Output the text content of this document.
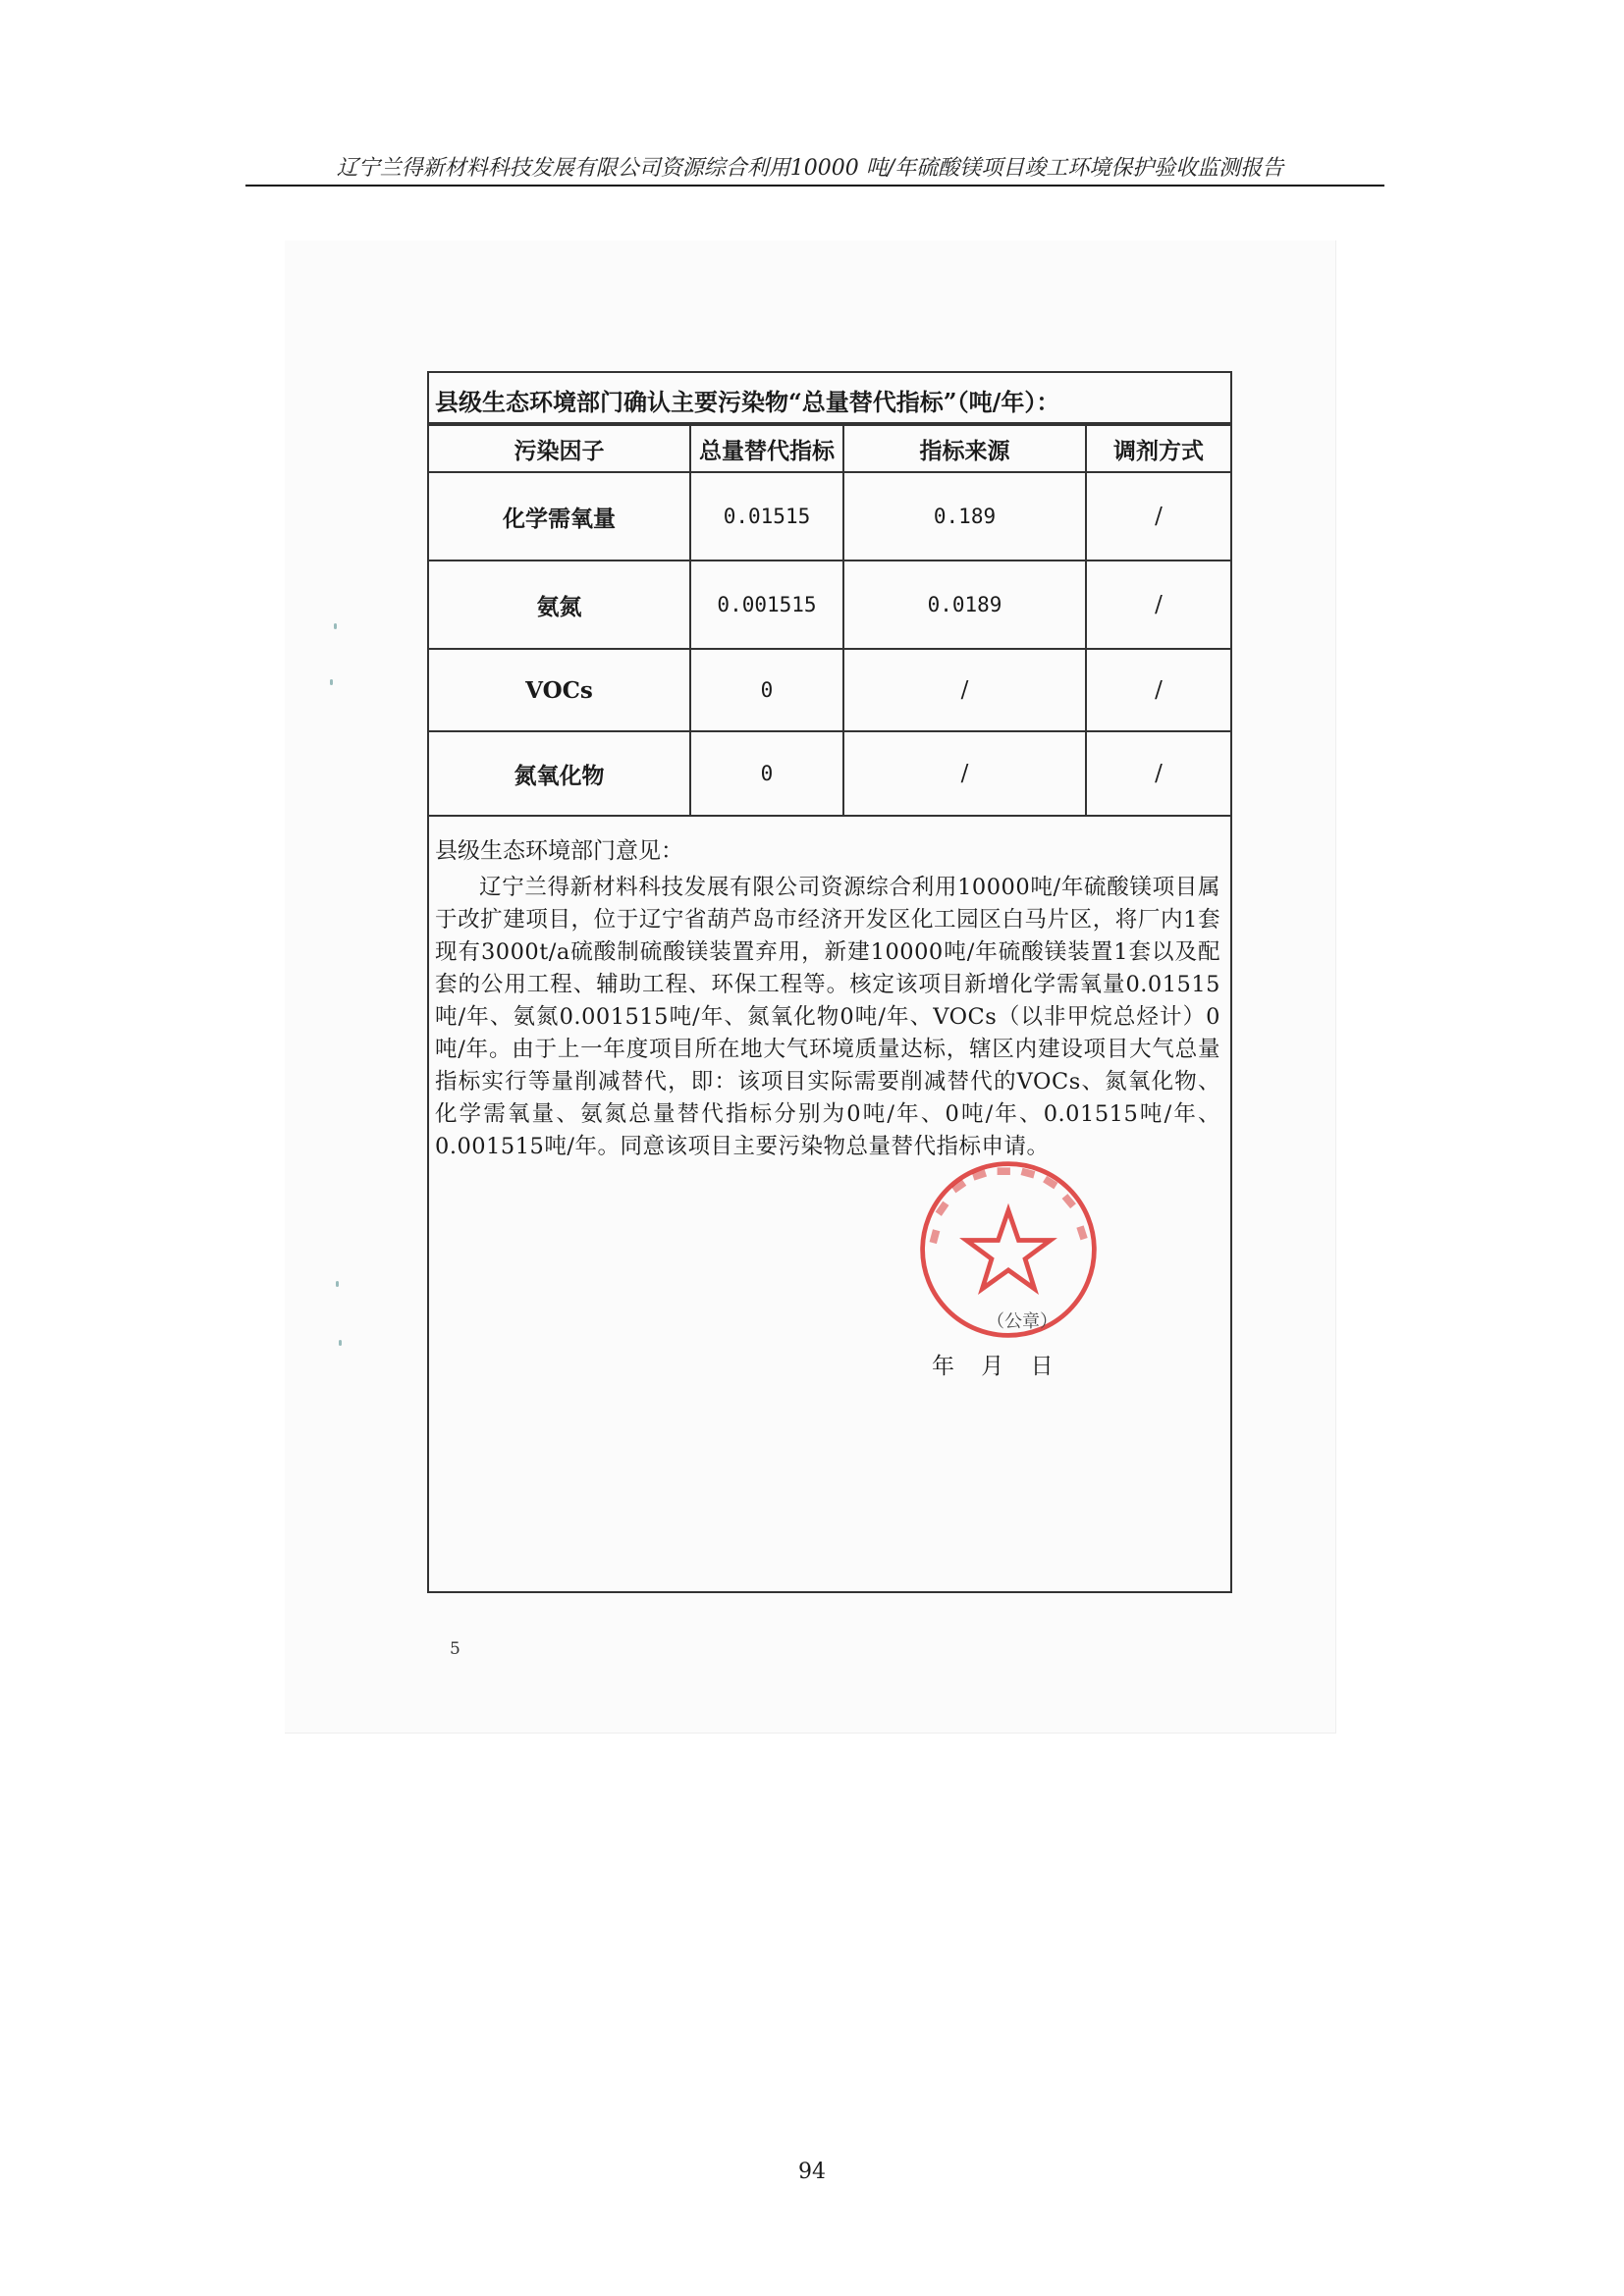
辽宁兰得新材料科技发展有限公司资源综合利用10000 吨/年硫酸镁项目竣工环境保护验收监测报告
县级生态环境部门确认主要污染物“总量替代指标”（吨/年）：
污染因子	总量替代指标	指标来源	调剂方式
化学需氧量	0.01515	0.189	/
氨氮	0.001515	0.0189	/
VOCs	0	/	/
氮氧化物	0	/	/
县级生态环境部门意见：
辽宁兰得新材料科技发展有限公司资源综合利用10000吨/年硫酸镁项目属于改扩建项目，位于辽宁省葫芦岛市经济开发区化工园区白马片区，将厂内1套现有3000t/a硫酸制硫酸镁装置弃用，新建10000吨/年硫酸镁装置1套以及配套的公用工程、辅助工程、环保工程等。核定该项目新增化学需氧量0.01515吨/年、氨氮0.001515吨/年、氮氧化物0吨/年、VOCs（以非甲烷总烃计）0吨/年。由于上一年度项目所在地大气环境质量达标，辖区内建设项目大气总量指标实行等量削减替代，即：该项目实际需要削减替代的VOCs、氮氧化物、化学需氧量、氨氮总量替代指标分别为0吨/年、0吨/年、0.01515吨/年、0.001515吨/年。同意该项目主要污染物总量替代指标申请。
（公章）
年 月 日
5
94
